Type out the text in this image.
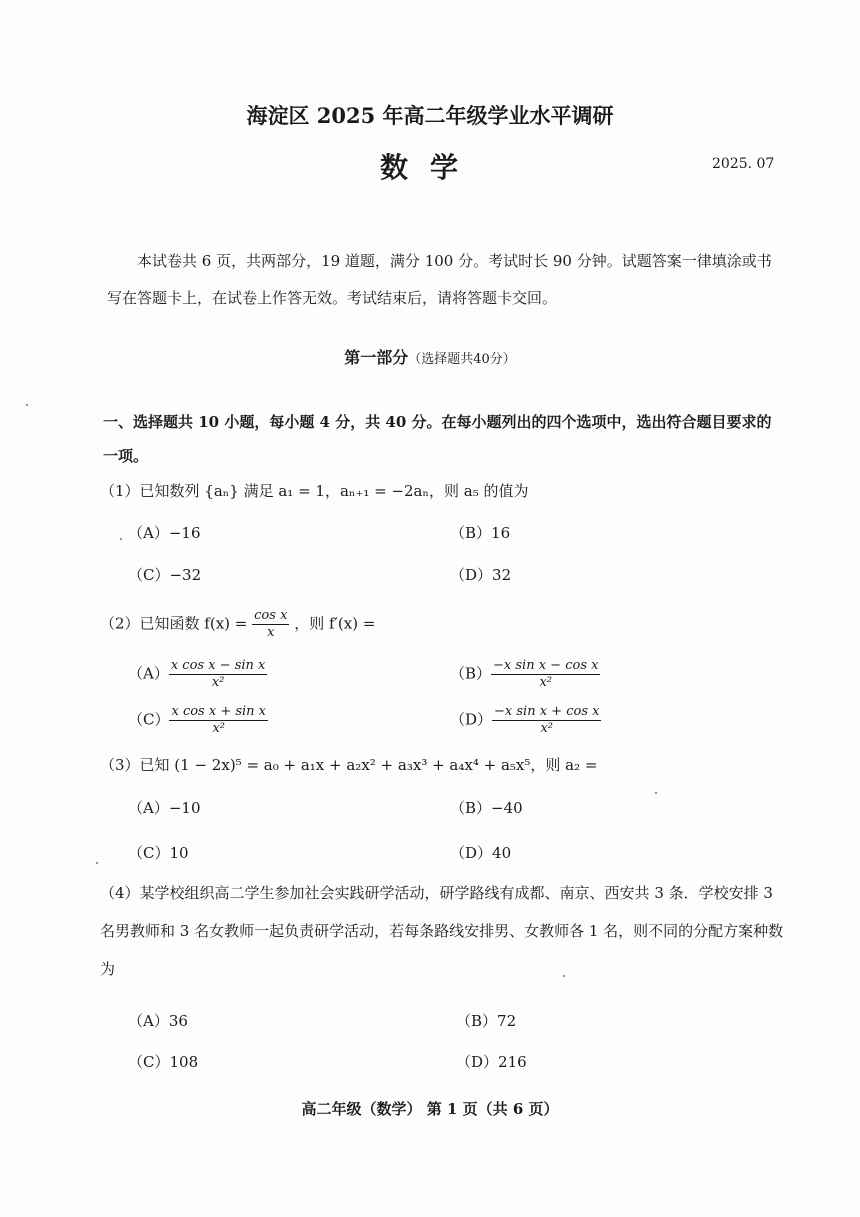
海淀区 2025 年高二年级学业水平调研
数学	2025. 07
本试卷共 6 页，共两部分，19 道题，满分 100 分。考试时长 90 分钟。试题答案一律填涂或书写在答题卡上，在试卷上作答无效。考试结束后，请将答题卡交回。
第一部分（选择题共40分）
一、选择题共 10 小题，每小题 4 分，共 40 分。在每小题列出的四个选项中，选出符合题目要求的一项。
（1）已知数列 {aₙ} 满足 a₁ = 1，aₙ₊₁ = −2aₙ，则 a₅ 的值为
（A）−16	（B）16
（C）−32	（D）32
（2）已知函数 $f(x) = \frac{\text{cos x}}{x}$ ，则 f′(x) =
$(A) \frac{\text{x cos x − sin x}}{\text{x²}}$	$(B) \frac{\text{−x sin x − cos x}}{\text{x²}}$
$(C) \frac{\text{x cos x + sin x}}{\text{x²}}$	$(D) \frac{\text{−x sin x + cos x}}{\text{x²}}$
（3）已知 (1 − 2x)⁵ = a₀ + a₁x + a₂x² + a₃x³ + a₄x⁴ + a₅x⁵，则 a₂ =
（A）−10	（B）−40
（C）10	（D）40
（4）某学校组织高二学生参加社会实践研学活动，研学路线有成都、南京、西安共 3 条．学校安排 3 名男教师和 3 名女教师一起负责研学活动，若每条路线安排男、女教师各 1 名，则不同的分配方案种数为
（A）36	（B）72
（C）108	（D）216
高二年级（数学） 第 1 页（共 6 页）
